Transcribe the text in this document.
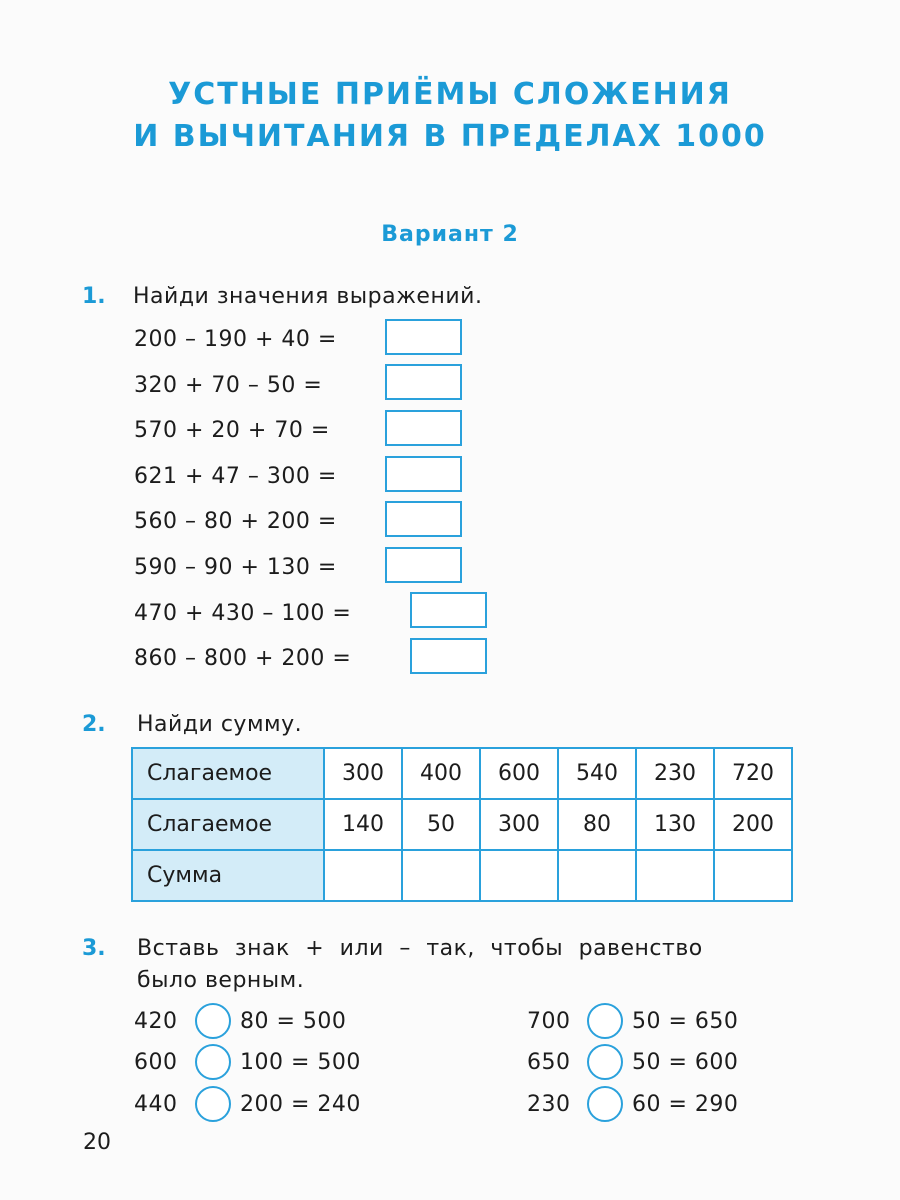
УСТНЫЕ ПРИЁМЫ СЛОЖЕНИЯ
И ВЫЧИТАНИЯ В ПРЕДЕЛАХ 1000
Вариант 2
1. Найди значения выражений.
200 – 190 + 40 =
320 + 70 – 50 =
570 + 20 + 70 =
621 + 47 – 300 =
560 – 80 + 200 =
590 – 90 + 130 =
470 + 430 – 100 =
860 – 800 + 200 =
2. Найди сумму.
Слагаемое	300	400	600	540	230	720
Слагаемое	140	50	300	80	130	200
Сумма						
3. Вставь знак + или – так, чтобы равенство
было верным.
420	80 = 500
600	100 = 500
440	200 = 240
700	50 = 650
650	50 = 600
230	60 = 290
20
